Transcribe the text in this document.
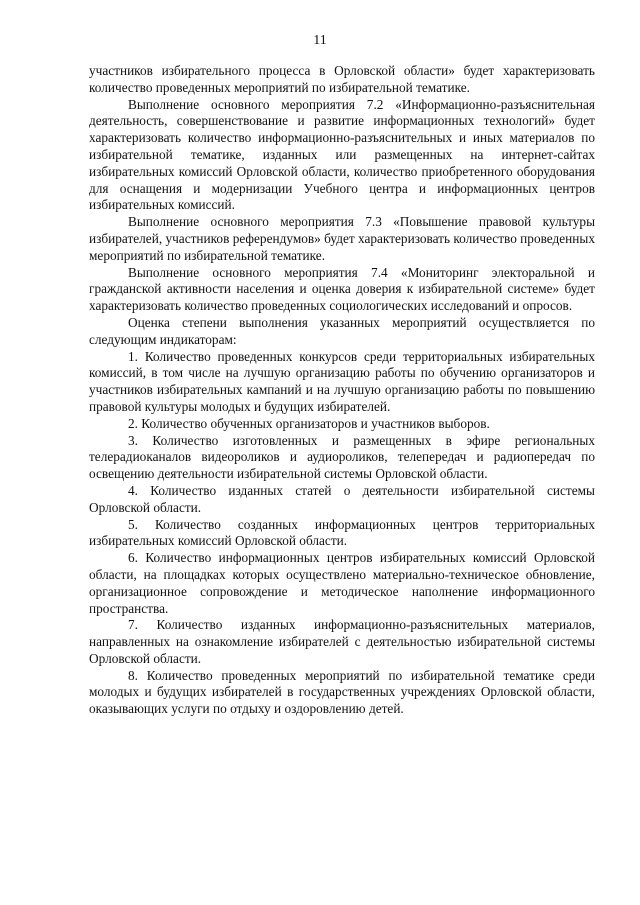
11

участников избирательного процесса в Орловской области» будет характеризовать количество проведенных мероприятий по избирательной тематике.

Выполнение основного мероприятия 7.2 «Информационно-разъяснительная деятельность, совершенствование и развитие информационных технологий» будет характеризовать количество информационно-разъяснительных и иных материалов по избирательной тематике, изданных или размещенных на интернет-сайтах избирательных комиссий Орловской области, количество приобретенного оборудования для оснащения и модернизации Учебного центра и информационных центров избирательных комиссий.

Выполнение основного мероприятия 7.3 «Повышение правовой культуры избирателей, участников референдумов» будет характеризовать количество проведенных мероприятий по избирательной тематике.

Выполнение основного мероприятия 7.4 «Мониторинг электоральной и гражданской активности населения и оценка доверия к избирательной системе» будет характеризовать количество проведенных социологических исследований и опросов.

Оценка степени выполнения указанных мероприятий осуществляется по следующим индикаторам:

1. Количество проведенных конкурсов среди территориальных избирательных комиссий, в том числе на лучшую организацию работы по обучению организаторов и участников избирательных кампаний и на лучшую организацию работы по повышению правовой культуры молодых и будущих избирателей.

2. Количество обученных организаторов и участников выборов.

3. Количество изготовленных и размещенных в эфире региональных телерадиоканалов видеороликов и аудиороликов, телепередач и радиопередач по освещению деятельности избирательной системы Орловской области.

4. Количество изданных статей о деятельности избирательной системы Орловской области.

5. Количество созданных информационных центров территориальных избирательных комиссий Орловской области.

6. Количество информационных центров избирательных комиссий Орловской области, на площадках которых осуществлено материально-техническое обновление, организационное сопровождение и методическое наполнение информационного пространства.

7. Количество изданных информационно-разъяснительных материалов, направленных на ознакомление избирателей с деятельностью избирательной системы Орловской области.

8. Количество проведенных мероприятий по избирательной тематике среди молодых и будущих избирателей в государственных учреждениях Орловской области, оказывающих услуги по отдыху и оздоровлению детей.
